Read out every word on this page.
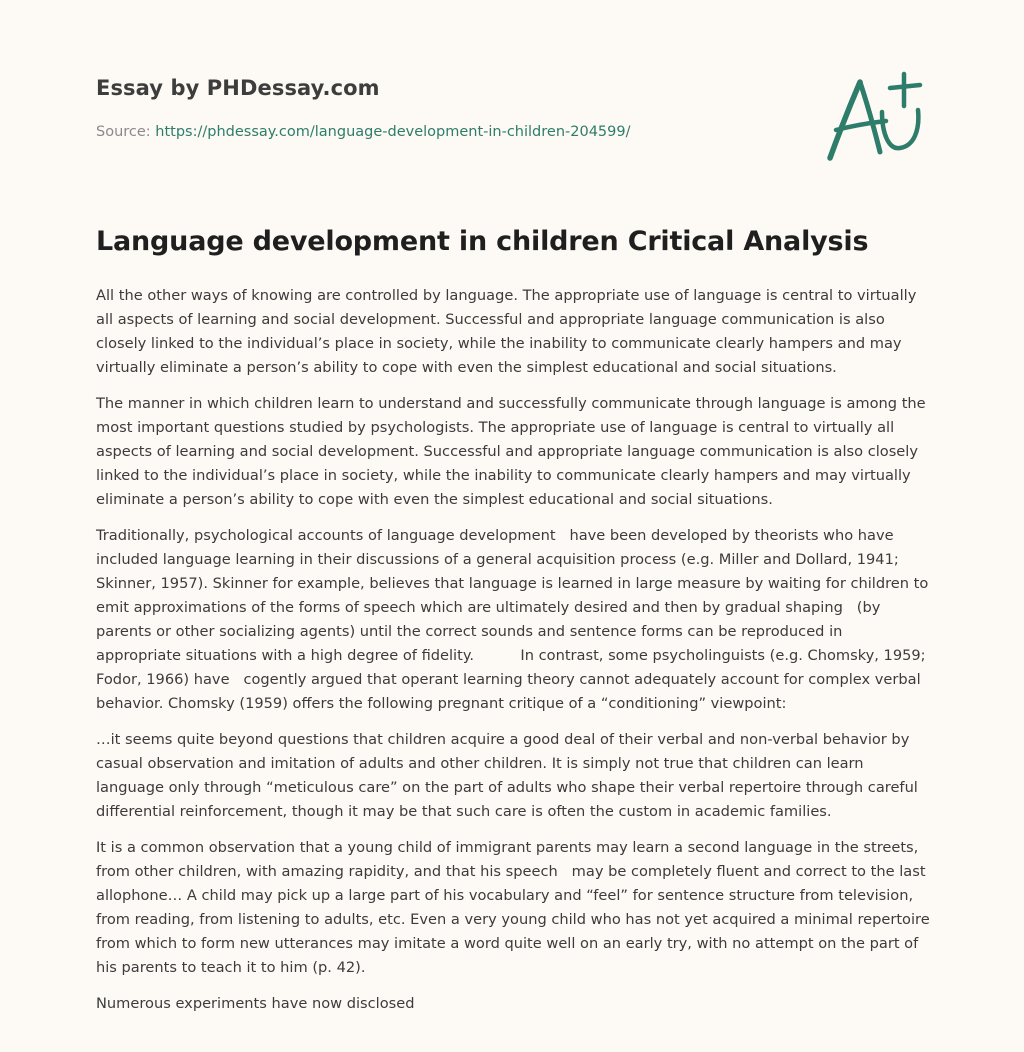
Essay by PHDessay.com
Source: https://phdessay.com/language-development-in-children-204599/
Language development in children Critical Analysis

All the other ways of knowing are controlled by language. The appropriate use of language is central to virtually all aspects of learning and social development. Successful and appropriate language communication is also closely linked to the individual’s place in society, while the inability to communicate clearly hampers and may virtually eliminate a person’s ability to cope with even the simplest educational and social situations.

The manner in which children learn to understand and successfully communicate through language is among the most important questions studied by psychologists. The appropriate use of language is central to virtually all aspects of learning and social development. Successful and appropriate language communication is also closely linked to the individual’s place in society, while the inability to communicate clearly hampers and may virtually eliminate a person’s ability to cope with even the simplest educational and social situations.

Traditionally, psychological accounts of language development   have been developed by theorists who have included language learning in their discussions of a general acquisition process (e.g. Miller and Dollard, 1941; Skinner, 1957). Skinner for example, believes that language is learned in large measure by waiting for children to emit approximations of the forms of speech which are ultimately desired and then by gradual shaping   (by parents or other socializing agents) until the correct sounds and sentence forms can be reproduced in appropriate situations with a high degree of fidelity.          In contrast, some psycholinguists (e.g. Chomsky, 1959; Fodor, 1966) have   cogently argued that operant learning theory cannot adequately account for complex verbal behavior. Chomsky (1959) offers the following pregnant critique of a “conditioning” viewpoint:

…it seems quite beyond questions that children acquire a good deal of their verbal and non-verbal behavior by casual observation and imitation of adults and other children. It is simply not true that children can learn language only through “meticulous care” on the part of adults who shape their verbal repertoire through careful differential reinforcement, though it may be that such care is often the custom in academic families.

It is a common observation that a young child of immigrant parents may learn a second language in the streets, from other children, with amazing rapidity, and that his speech   may be completely fluent and correct to the last allophone… A child may pick up a large part of his vocabulary and “feel” for sentence structure from television, from reading, from listening to adults, etc. Even a very young child who has not yet acquired a minimal repertoire from which to form new utterances may imitate a word quite well on an early try, with no attempt on the part of his parents to teach it to him (p. 42).

Numerous experiments have now disclosed
